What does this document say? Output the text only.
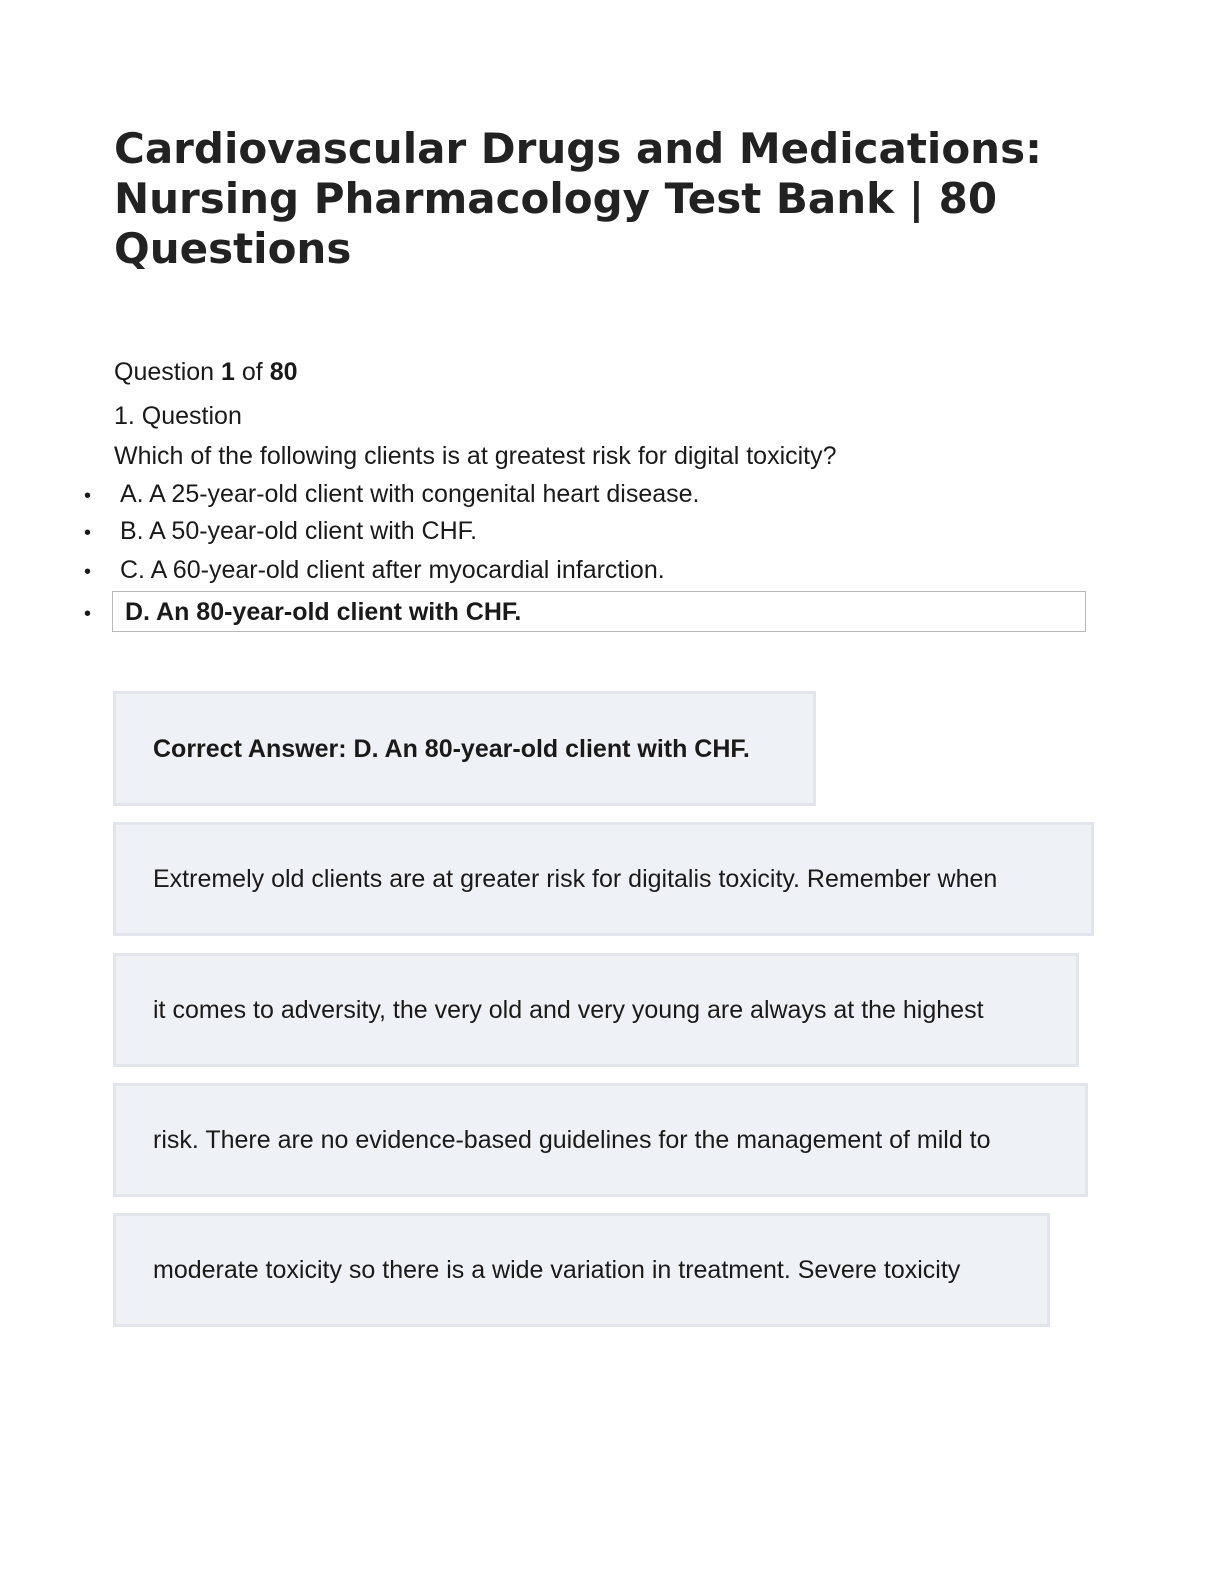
Cardiovascular Drugs and Medications: Nursing Pharmacology Test Bank | 80 Questions
Question 1 of 80
1. Question
Which of the following clients is at greatest risk for digital toxicity?
• A. A 25-year-old client with congenital heart disease.
• B. A 50-year-old client with CHF.
• C. A 60-year-old client after myocardial infarction.
•	D. An 80-year-old client with CHF.
Correct Answer: D. An 80-year-old client with CHF.
Extremely old clients are at greater risk for digitalis toxicity. Remember when
it comes to adversity, the very old and very young are always at the highest
risk. There are no evidence-based guidelines for the management of mild to
moderate toxicity so there is a wide variation in treatment. Severe toxicity
